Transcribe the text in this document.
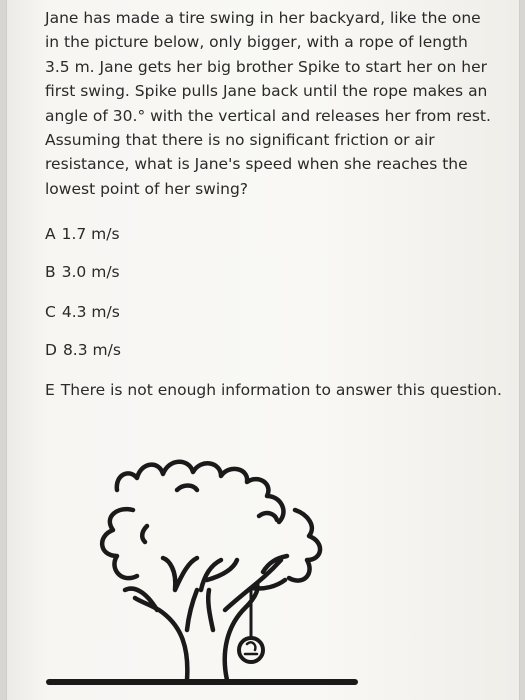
Jane has made a tire swing in her backyard, like the one in the picture below, only bigger, with a rope of length 3.5 m. Jane gets her big brother Spike to start her on her first swing. Spike pulls Jane back until the rope makes an angle of 30.° with the vertical and releases her from rest. Assuming that there is no significant friction or air resistance, what is Jane's speed when she reaches the lowest point of her swing?

A 1.7 m/s
B 3.0 m/s
C 4.3 m/s
D 8.3 m/s
E There is not enough information to answer this question.
